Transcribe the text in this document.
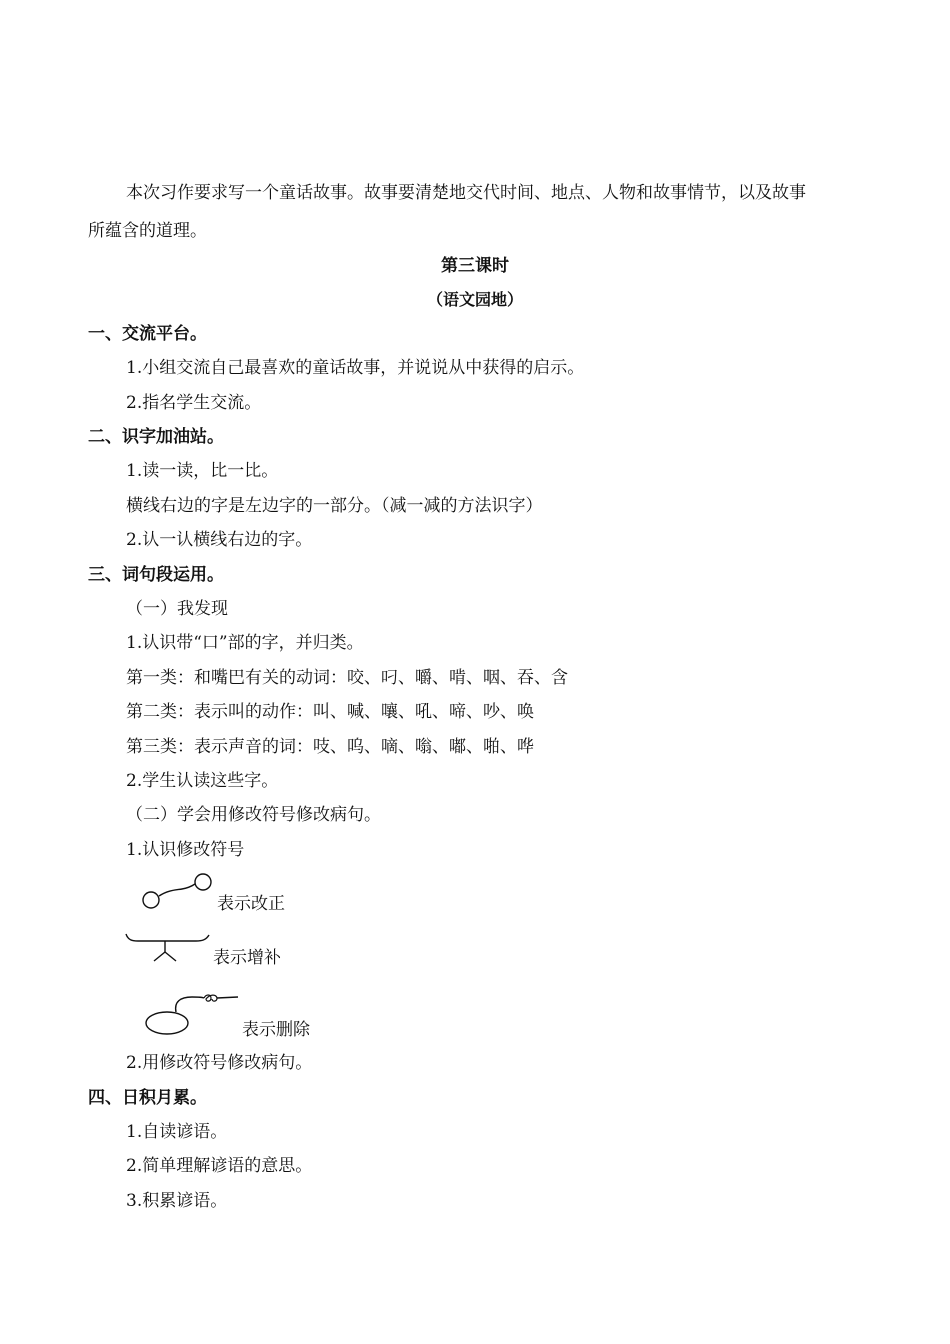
本次习作要求写一个童话故事。故事要清楚地交代时间、地点、人物和故事情节，以及故事
所蕴含的道理。
第三课时
（语文园地）
一、交流平台。
1.小组交流自己最喜欢的童话故事，并说说从中获得的启示。
2.指名学生交流。
二、识字加油站。
1.读一读，比一比。
横线右边的字是左边字的一部分。（减一减的方法识字）
2.认一认横线右边的字。
三、词句段运用。
（一）我发现
1.认识带“口”部的字，并归类。
第一类：和嘴巴有关的动词：咬、叼、嚼、啃、咽、吞、含
第二类：表示叫的动作：叫、喊、嚷、吼、啼、吵、唤
第三类：表示声音的词：吱、呜、嘀、嗡、嘟、啪、哗
2.学生认读这些字。
（二）学会用修改符号修改病句。
1.认识修改符号
表示改正
表示增补
表示删除
2.用修改符号修改病句。
四、日积月累。
1.自读谚语。
2.简单理解谚语的意思。
3.积累谚语。
